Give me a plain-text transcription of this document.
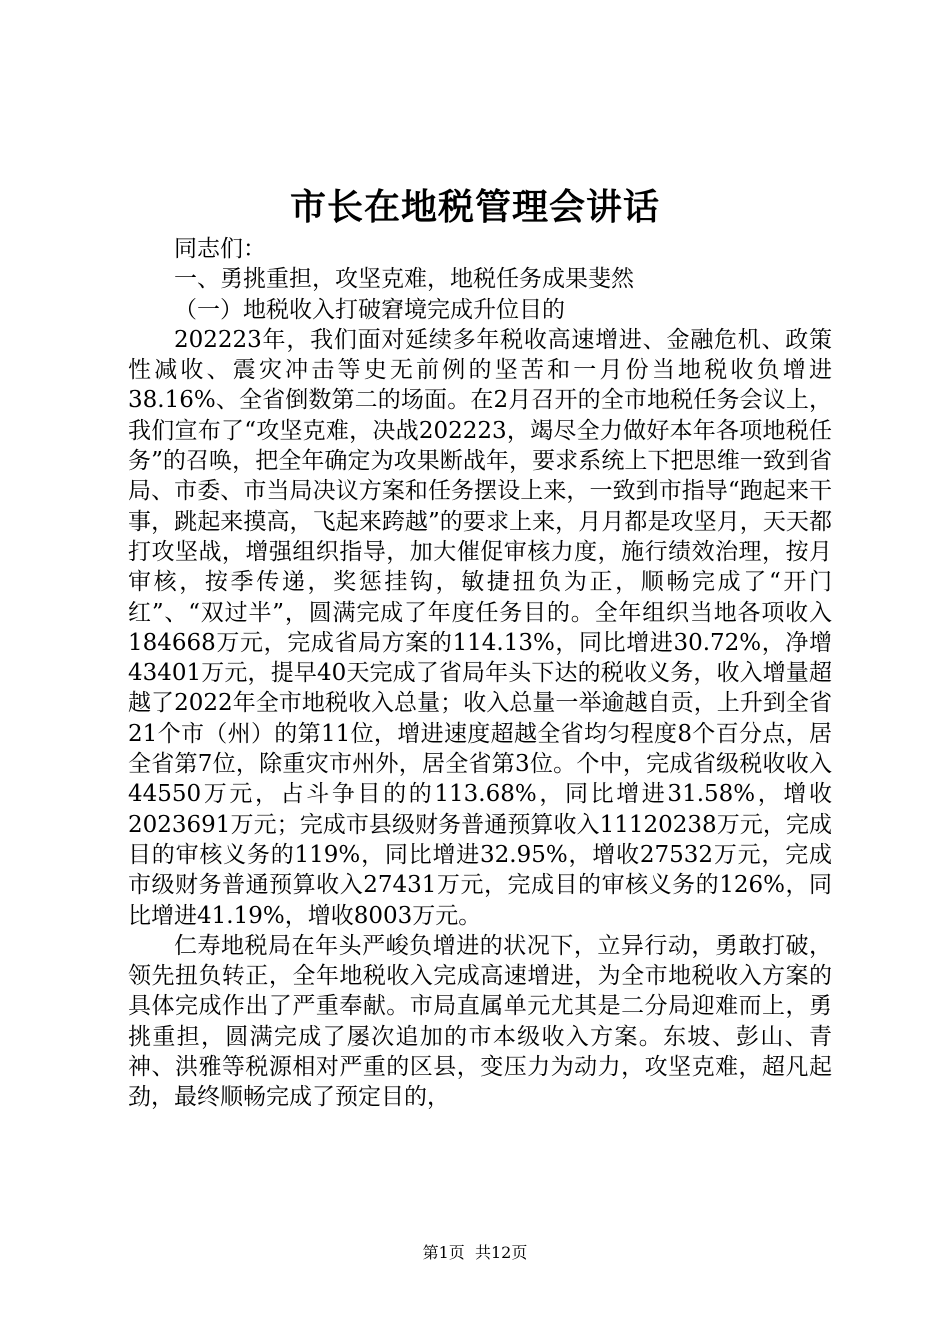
市长在地税管理会讲话

同志们：

一、勇挑重担，攻坚克难，地税任务成果斐然

（一）地税收入打破窘境完成升位目的

202223年，我们面对延续多年税收高速增进、金融危机、政策性减收、震灾冲击等史无前例的坚苦和一月份当地税收负增进38.16%、全省倒数第二的场面。在2月召开的全市地税任务会议上，我们宣布了“攻坚克难，决战202223，竭尽全力做好本年各项地税任务”的召唤，把全年确定为攻果断战年，要求系统上下把思维一致到省局、市委、市当局决议方案和任务摆设上来，一致到市指导“跑起来干事，跳起来摸高，飞起来跨越”的要求上来，月月都是攻坚月，天天都打攻坚战，增强组织指导，加大催促审核力度，施行绩效治理，按月审核，按季传递，奖惩挂钩，敏捷扭负为正，顺畅完成了“开门红”、“双过半”，圆满完成了年度任务目的。全年组织当地各项收入184668万元，完成省局方案的114.13%，同比增进30.72%，净增43401万元，提早40天完成了省局年头下达的税收义务，收入增量超越了2022年全市地税收入总量；收入总量一举逾越自贡，上升到全省21个市（州）的第11位，增进速度超越全省均匀程度8个百分点，居全省第7位，除重灾市州外，居全省第3位。个中，完成省级税收收入44550万元，占斗争目的的113.68%，同比增进31.58%，增收2023691万元；完成市县级财务普通预算收入11120238万元，完成目的审核义务的119%，同比增进32.95%，增收27532万元，完成市级财务普通预算收入27431万元，完成目的审核义务的126%，同比增进41.19%，增收8003万元。

仁寿地税局在年头严峻负增进的状况下，立异行动，勇敢打破，领先扭负转正，全年地税收入完成高速增进，为全市地税收入方案的具体完成作出了严重奉献。市局直属单元尤其是二分局迎难而上，勇挑重担，圆满完成了屡次追加的市本级收入方案。东坡、彭山、青神、洪雅等税源相对严重的区县，变压力为动力，攻坚克难，超凡起劲，最终顺畅完成了预定目的，

第1页 共12页
